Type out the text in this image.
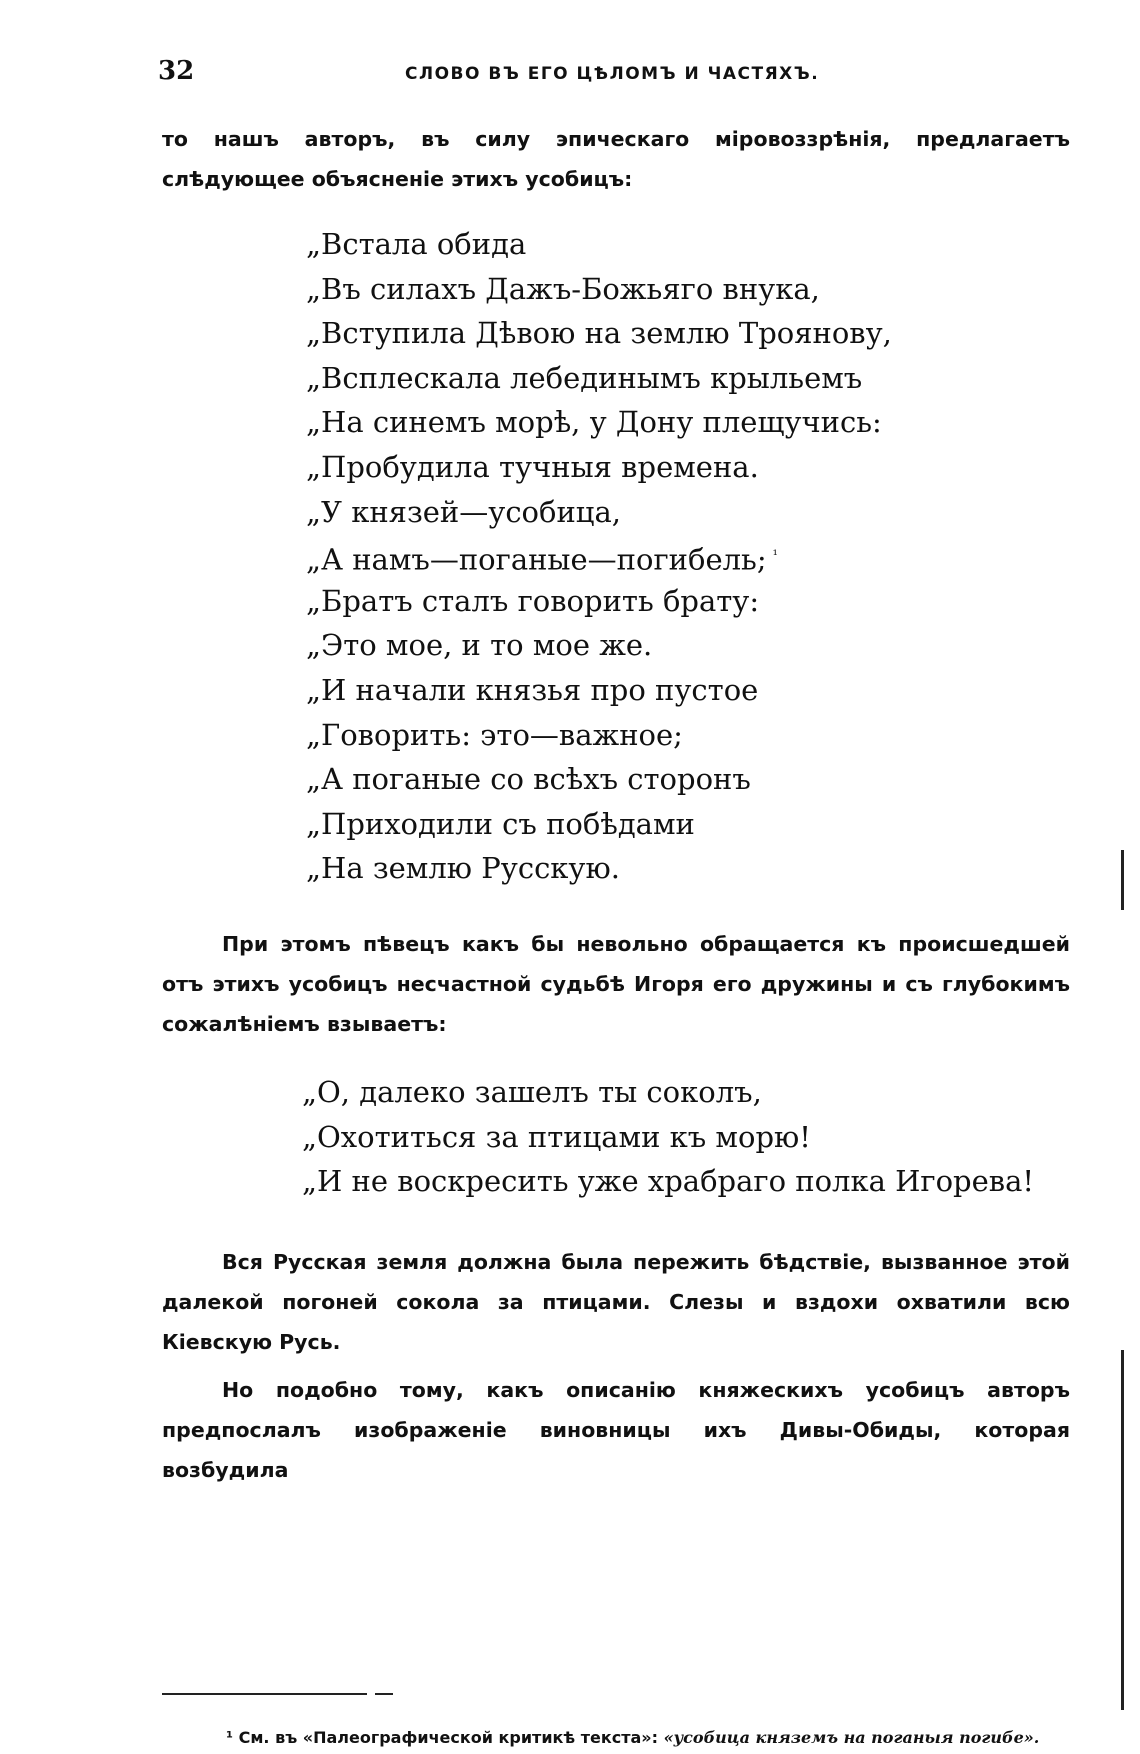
32	СЛОВО ВЪ ЕГО ЦѢЛОМЪ И ЧАСТЯХЪ.

то нашъ авторъ, въ силу эпическаго міровоззрѣнія, предлагаетъ слѣдующее объясненіе этихъ усобицъ:

„Встала обида
„Въ силахъ Дажъ-Божьяго внука,
„Вступила Дѣвою на землю Троянову,
„Всплескала лебединымъ крыльемъ
„На синемъ морѣ, у Дону плещучись:
„Пробудила тучныя времена.
„У князей—усобица,
„А намъ—поганые—погибель; $^{^1}$
„Братъ сталъ говорить брату:
„Это мое, и то мое же.
„И начали князья про пустое
„Говорить: это—важное;
„А поганые со всѣхъ сторонъ
„Приходили съ побѣдами
„На землю Русскую.

При этомъ пѣвецъ какъ бы невольно обращается къ происшедшей отъ этихъ усобицъ несчастной судьбѣ Игоря его дружины и съ глубокимъ сожалѣніемъ взываетъ:

„О, далеко зашелъ ты соколъ,
„Охотиться за птицами къ морю!
„И не воскресить уже храбраго полка Игорева!

Вся Русская земля должна была пережить бѣдствіе, вызванное этой далекой погоней сокола за птицами. Слезы и вздохи охватили всю Кіевскую Русь.

Но подобно тому, какъ описанію княжескихъ усобицъ авторъ предпослалъ изображеніе виновницы ихъ Дивы-Обиды, которая возбудила

¹ См. въ «Палеографической критикѣ текста»: «усобица княземъ на поганыя погибе».
